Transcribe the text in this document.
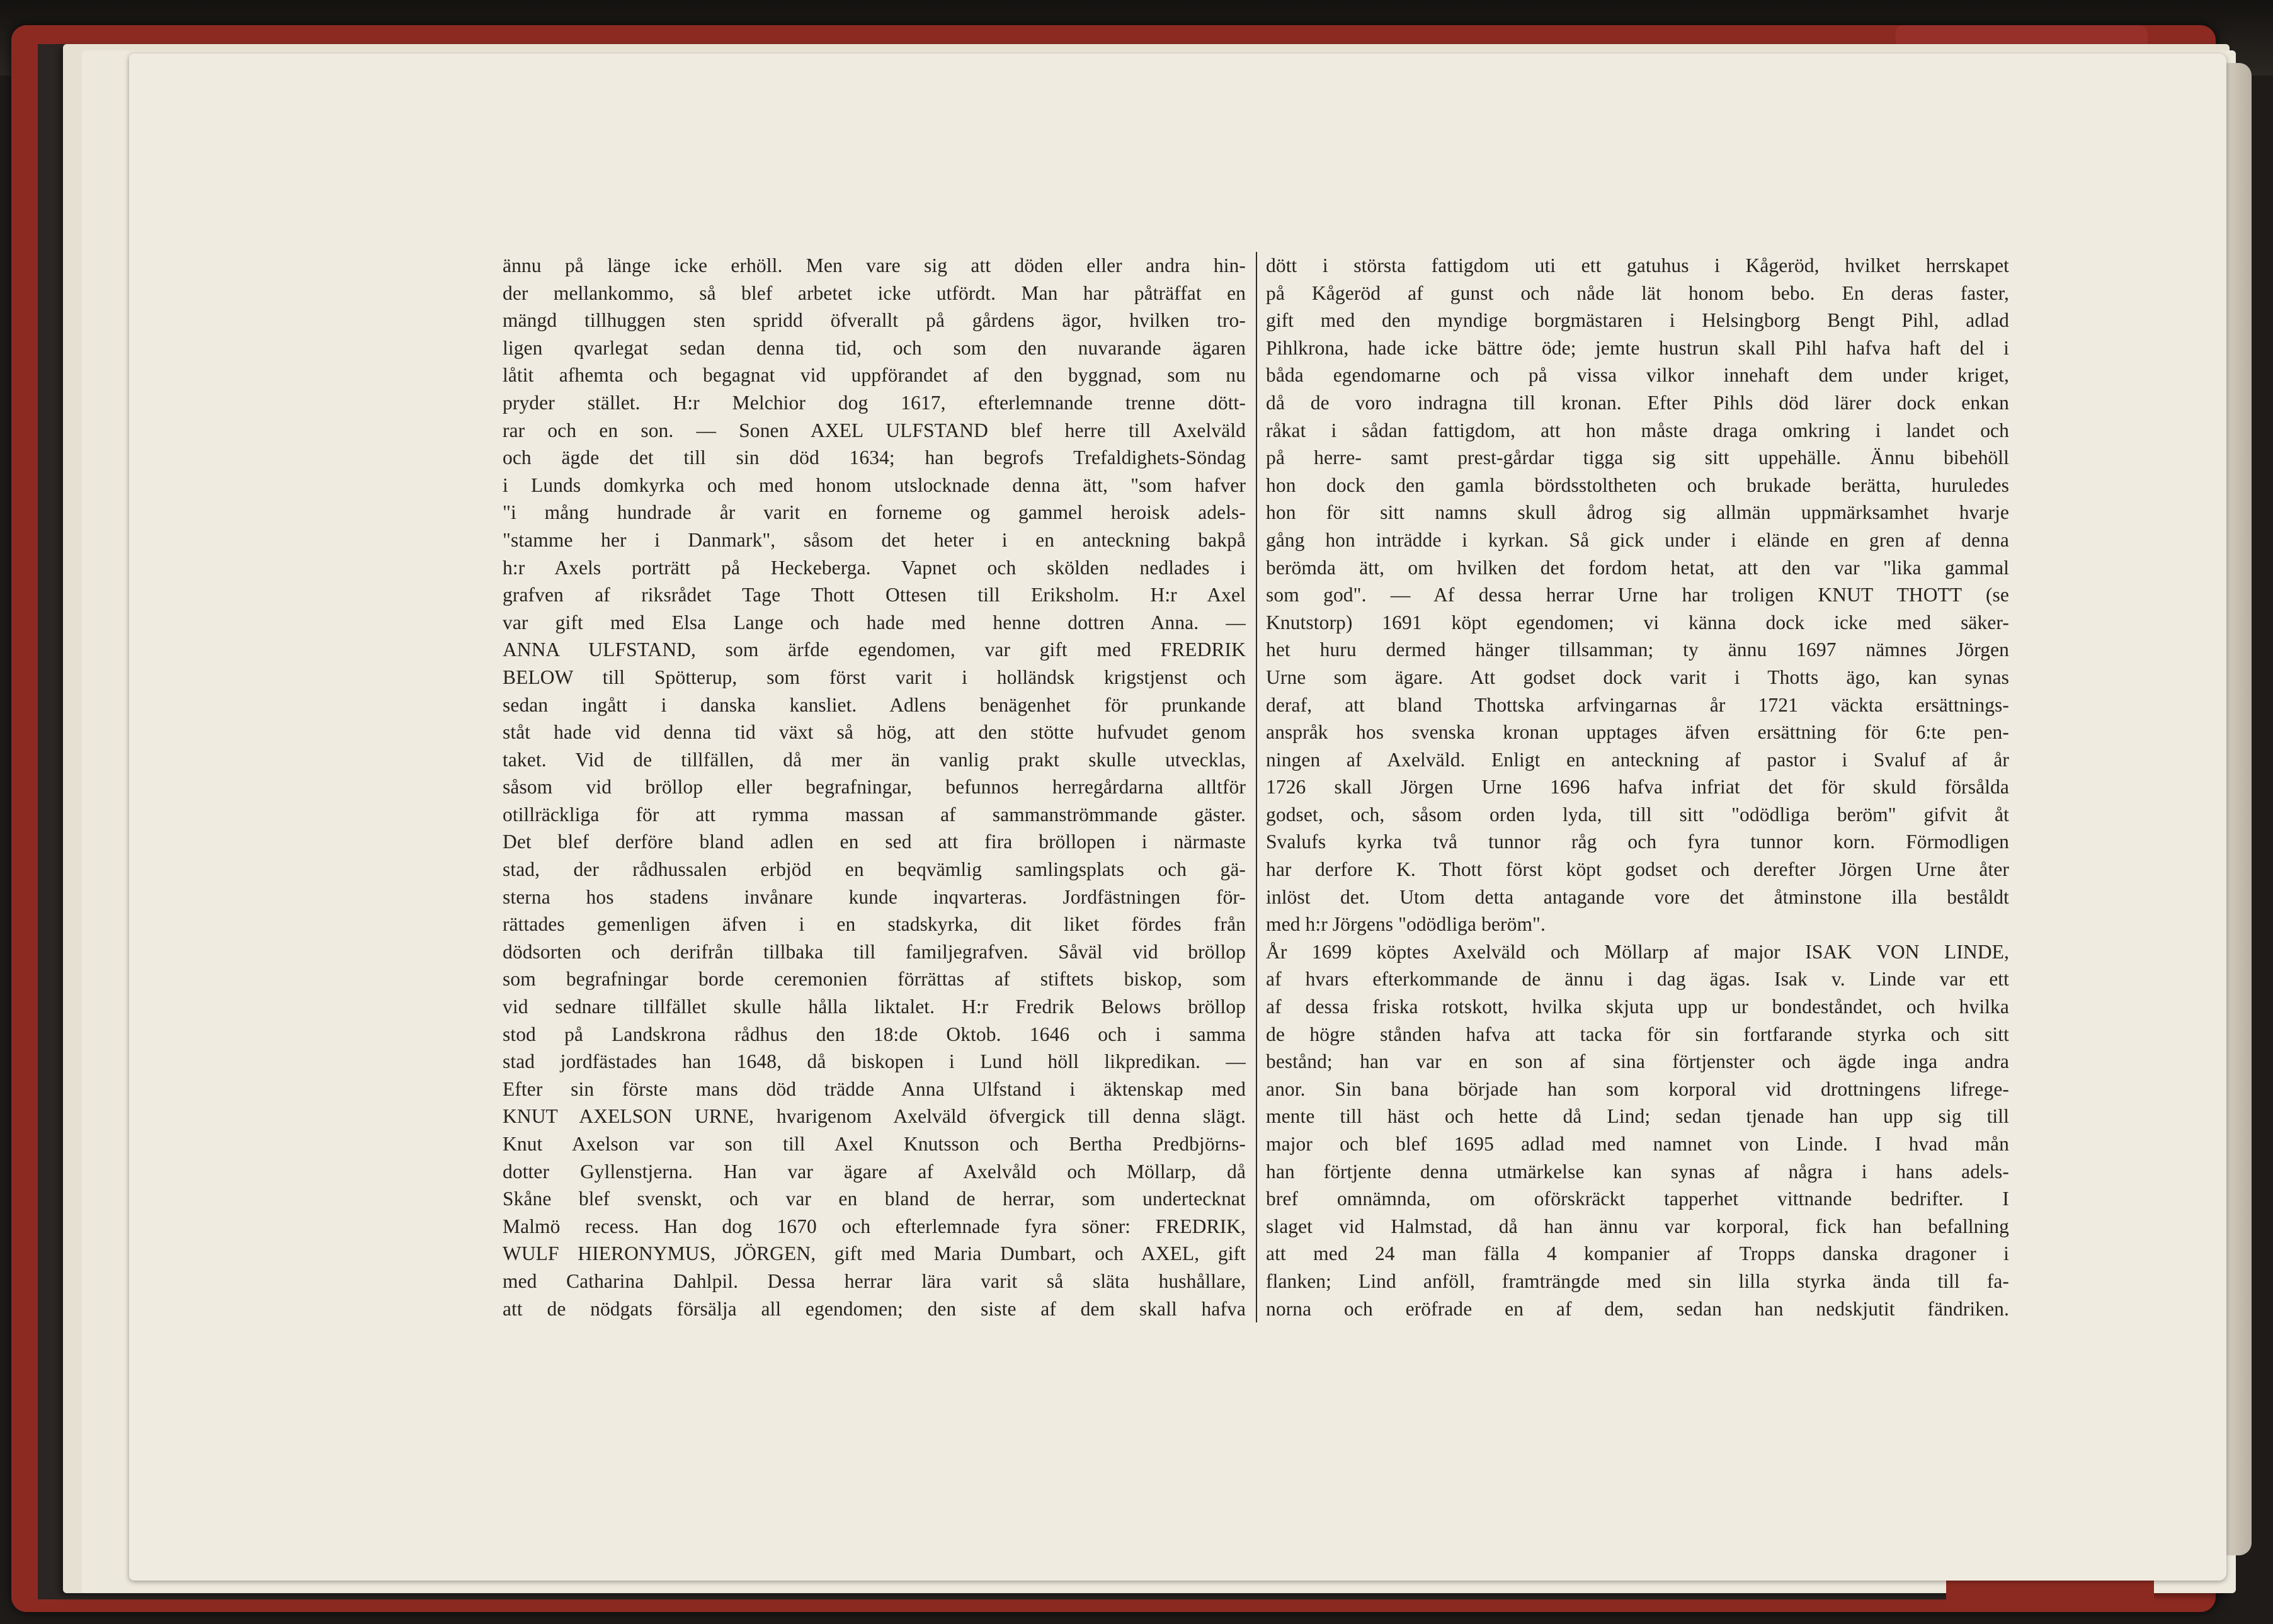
ännu på länge icke erhöll. Men vare sig att döden eller andra hin-
der mellankommo, så blef arbetet icke utfördt. Man har påträffat en
mängd tillhuggen sten spridd öfverallt på gårdens ägor, hvilken tro-
ligen qvarlegat sedan denna tid, och som den nuvarande ägaren
låtit afhemta och begagnat vid uppförandet af den byggnad, som nu
pryder stället. H:r Melchior dog 1617, efterlemnande trenne dött-
rar och en son. — Sonen AXEL ULFSTAND blef herre till Axelväld
och ägde det till sin död 1634; han begrofs Trefaldighets-Söndag
i Lunds domkyrka och med honom utslocknade denna ätt, "som hafver
"i mång hundrade år varit en forneme og gammel heroisk adels-
"stamme her i Danmark", såsom det heter i en anteckning bakpå
h:r Axels porträtt på Heckeberga. Vapnet och skölden nedlades i
grafven af riksrådet Tage Thott Ottesen till Eriksholm. H:r Axel
var gift med Elsa Lange och hade med henne dottren Anna. —
ANNA ULFSTAND, som ärfde egendomen, var gift med FREDRIK
BELOW till Spötterup, som först varit i holländsk krigstjenst och
sedan ingått i danska kansliet. Adlens benägenhet för prunkande
ståt hade vid denna tid växt så hög, att den stötte hufvudet genom
taket. Vid de tillfällen, då mer än vanlig prakt skulle utvecklas,
såsom vid bröllop eller begrafningar, befunnos herregårdarna alltför
otillräckliga för att rymma massan af sammanströmmande gäster.
Det blef derföre bland adlen en sed att fira bröllopen i närmaste
stad, der rådhussalen erbjöd en beqvämlig samlingsplats och gä-
sterna hos stadens invånare kunde inqvarteras. Jordfästningen för-
rättades gemenligen äfven i en stadskyrka, dit liket fördes från
dödsorten och derifrån tillbaka till familjegrafven. Såväl vid bröllop
som begrafningar borde ceremonien förrättas af stiftets biskop, som
vid sednare tillfället skulle hålla liktalet. H:r Fredrik Belows bröllop
stod på Landskrona rådhus den 18:de Oktob. 1646 och i samma
stad jordfästades han 1648, då biskopen i Lund höll likpredikan. —
Efter sin förste mans död trädde Anna Ulfstand i äktenskap med
KNUT AXELSON URNE, hvarigenom Axelväld öfvergick till denna slägt.
Knut Axelson var son till Axel Knutsson och Bertha Predbjörns-
dotter Gyllenstjerna. Han var ägare af Axelvåld och Möllarp, då
Skåne blef svenskt, och var en bland de herrar, som undertecknat
Malmö recess. Han dog 1670 och efterlemnade fyra söner: FREDRIK,
WULF HIERONYMUS, JÖRGEN, gift med Maria Dumbart, och AXEL, gift
med Catharina Dahlpil. Dessa herrar lära varit så släta hushållare,
att de nödgats försälja all egendomen; den siste af dem skall hafva
dött i största fattigdom uti ett gatuhus i Kågeröd, hvilket herrskapet
på Kågeröd af gunst och nåde lät honom bebo. En deras faster,
gift med den myndige borgmästaren i Helsingborg Bengt Pihl, adlad
Pihlkrona, hade icke bättre öde; jemte hustrun skall Pihl hafva haft del i
båda egendomarne och på vissa vilkor innehaft dem under kriget,
då de voro indragna till kronan. Efter Pihls död lärer dock enkan
råkat i sådan fattigdom, att hon måste draga omkring i landet och
på herre- samt prest-gårdar tigga sig sitt uppehälle. Ännu bibehöll
hon dock den gamla bördsstoltheten och brukade berätta, huruledes
hon för sitt namns skull ådrog sig allmän uppmärksamhet hvarje
gång hon inträdde i kyrkan. Så gick under i elände en gren af denna
berömda ätt, om hvilken det fordom hetat, att den var "lika gammal
som god". — Af dessa herrar Urne har troligen KNUT THOTT (se
Knutstorp) 1691 köpt egendomen; vi känna dock icke med säker-
het huru dermed hänger tillsamman; ty ännu 1697 nämnes Jörgen
Urne som ägare. Att godset dock varit i Thotts ägo, kan synas
deraf, att bland Thottska arfvingarnas år 1721 väckta ersättnings-
anspråk hos svenska kronan upptages äfven ersättning för 6:te pen-
ningen af Axelväld. Enligt en anteckning af pastor i Svaluf af år
1726 skall Jörgen Urne 1696 hafva infriat det för skuld försålda
godset, och, såsom orden lyda, till sitt "odödliga beröm" gifvit åt
Svalufs kyrka två tunnor råg och fyra tunnor korn. Förmodligen
har derfore K. Thott först köpt godset och derefter Jörgen Urne åter
inlöst det. Utom detta antagande vore det åtminstone illa beståldt
med h:r Jörgens "odödliga beröm".
År 1699 köptes Axelväld och Möllarp af major ISAK VON LINDE,
af hvars efterkommande de ännu i dag ägas. Isak v. Linde var ett
af dessa friska rotskott, hvilka skjuta upp ur bondeståndet, och hvilka
de högre stånden hafva att tacka för sin fortfarande styrka och sitt
bestånd; han var en son af sina förtjenster och ägde inga andra
anor. Sin bana började han som korporal vid drottningens lifrege-
mente till häst och hette då Lind; sedan tjenade han upp sig till
major och blef 1695 adlad med namnet von Linde. I hvad mån
han förtjente denna utmärkelse kan synas af några i hans adels-
bref omnämnda, om oförskräckt tapperhet vittnande bedrifter. I
slaget vid Halmstad, då han ännu var korporal, fick han befallning
att med 24 man fälla 4 kompanier af Tropps danska dragoner i
flanken; Lind anföll, framträngde med sin lilla styrka ända till fa-
norna och eröfrade en af dem, sedan han nedskjutit fändriken.
